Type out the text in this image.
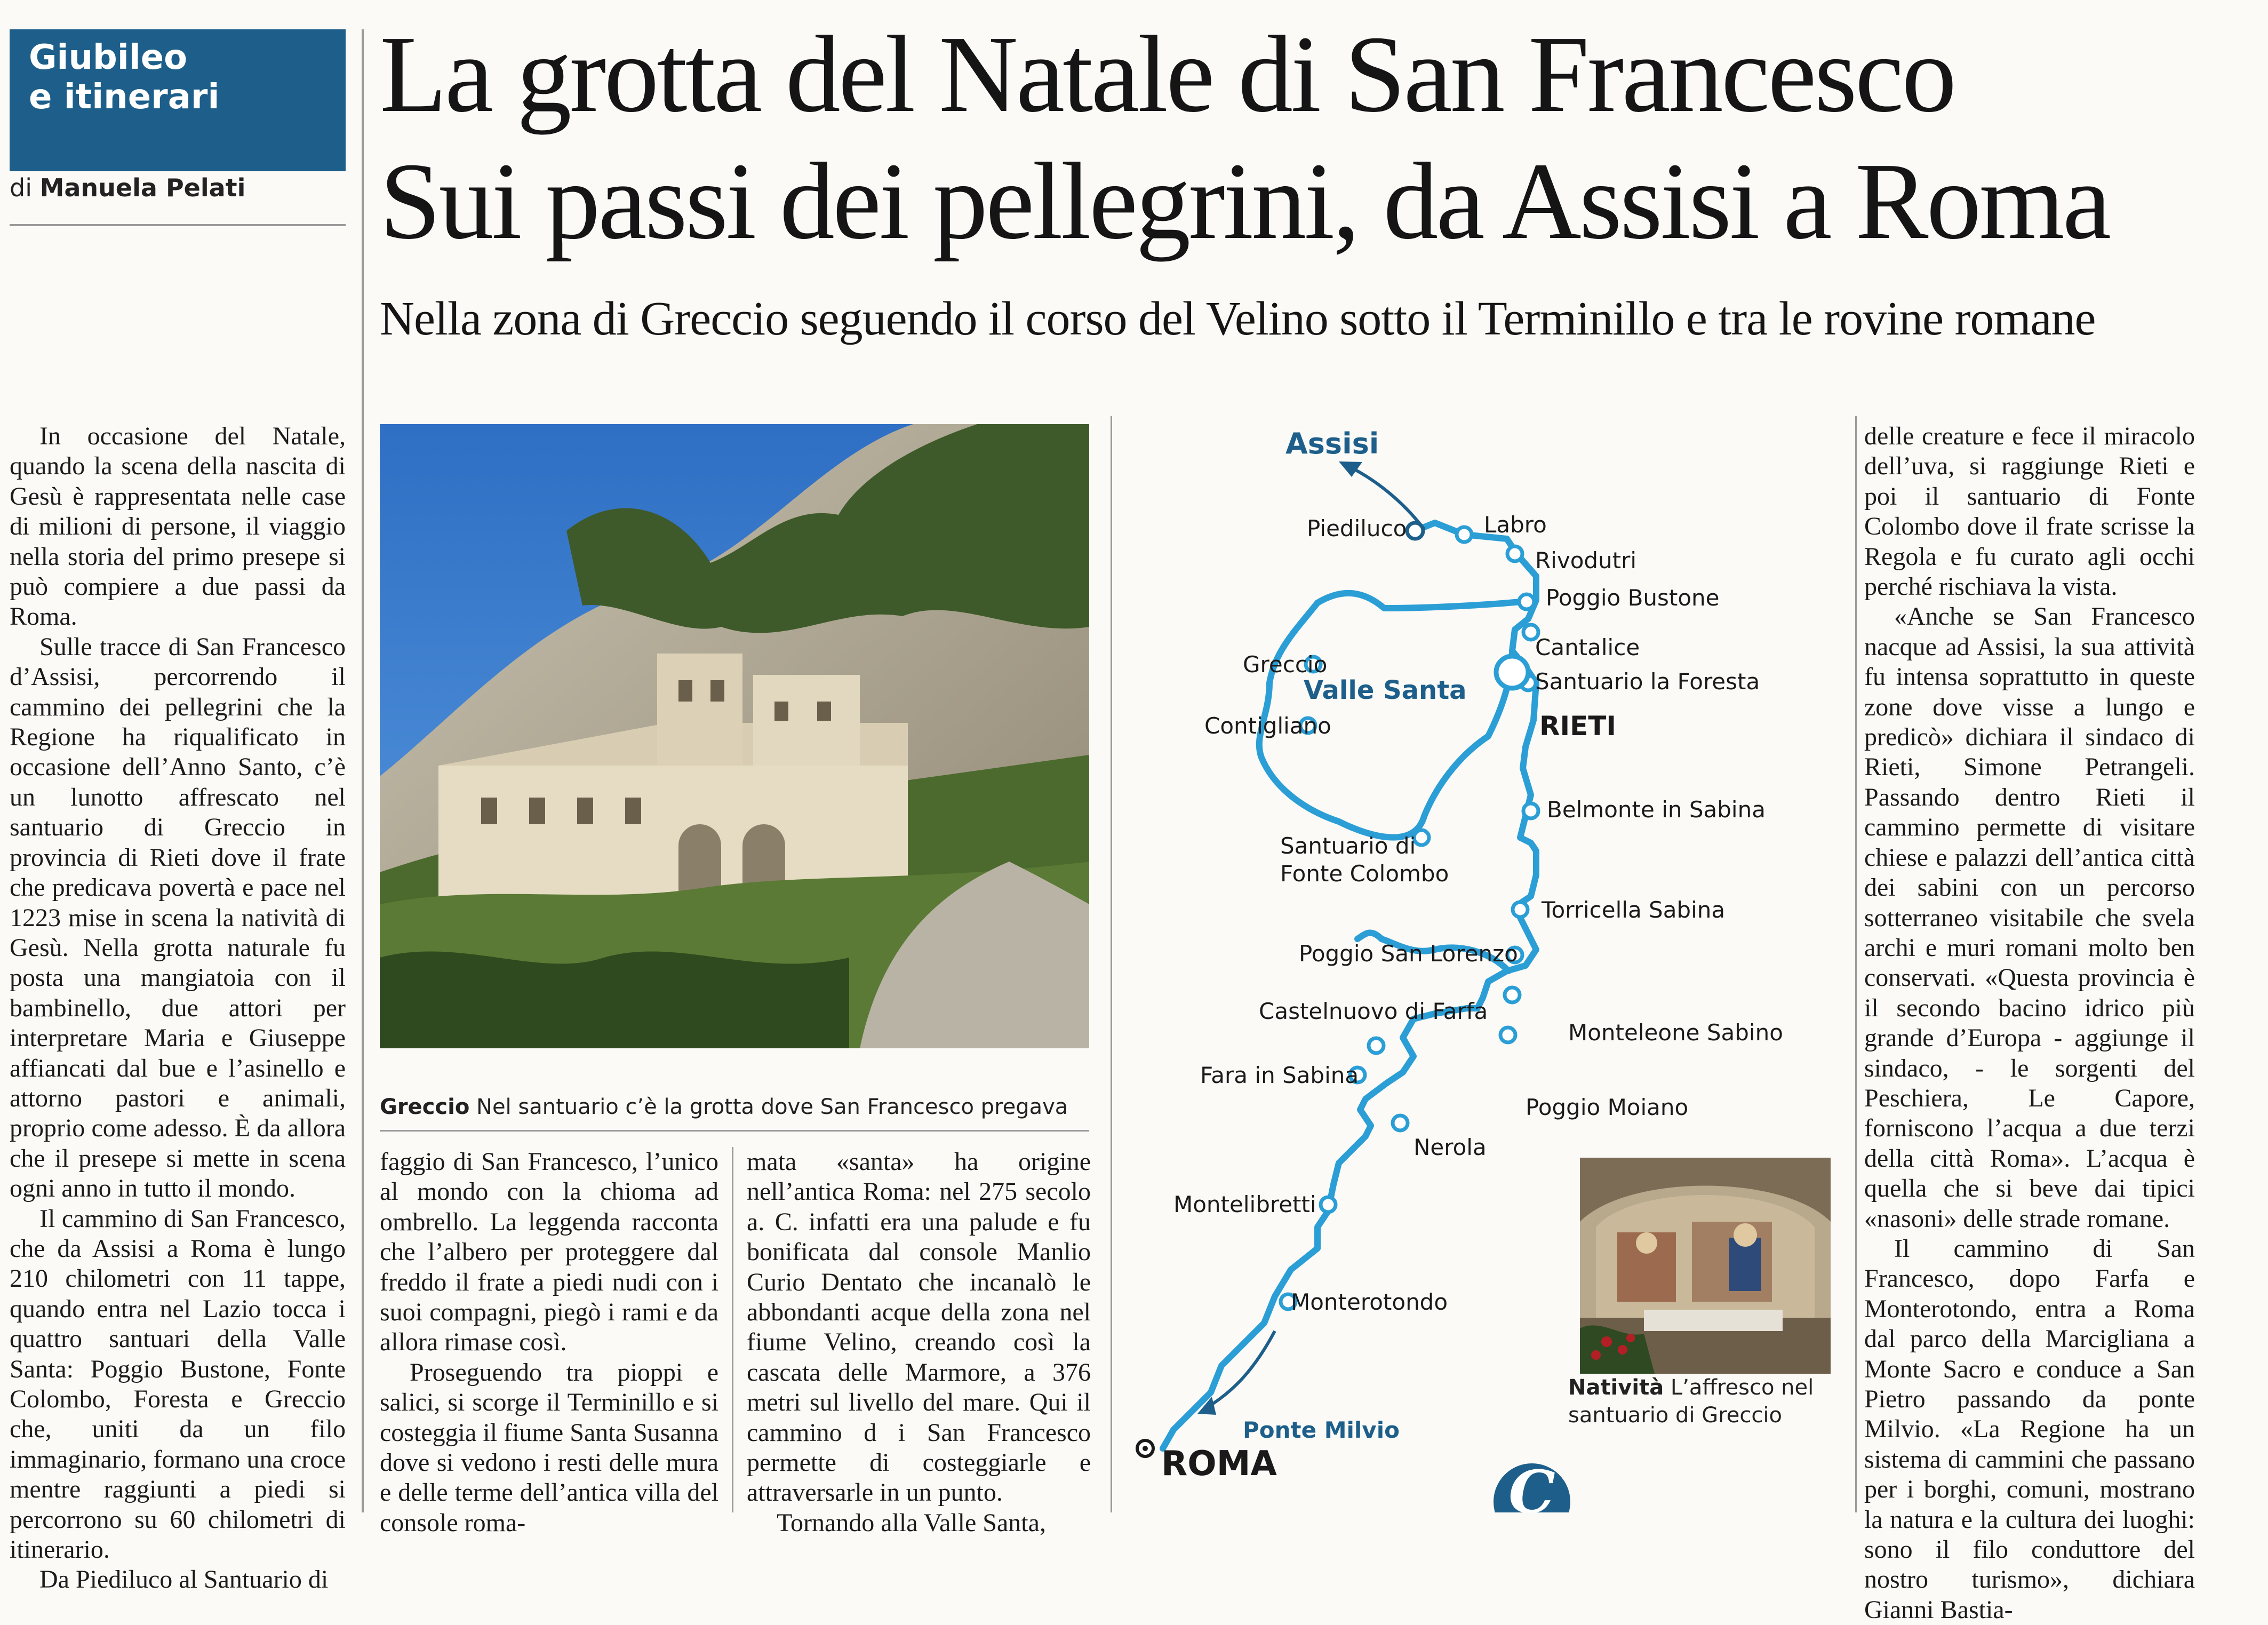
Giubileo
e itinerari
di Manuela Pelati
La grotta del Natale di San Francesco
Sui passi dei pellegrini, da Assisi a Roma
Nella zona di Greccio seguendo il corso del Velino sotto il Terminillo e tra le rovine romane

In occasione del Natale, quando la scena della nascita di Gesù è rappresentata nelle case di milioni di persone, il viaggio nella storia del primo presepe si può compiere a due passi da Roma.

Sulle tracce di San Francesco d’Assisi, percorrendo il cammino dei pellegrini che la Regione ha riqualificato in occasione dell’Anno Santo, c’è un lunotto affrescato nel santuario di Greccio in provincia di Rieti dove il frate che predicava povertà e pace nel 1223 mise in scena la natività di Gesù. Nella grotta naturale fu posta una mangiatoia con il bambinello, due attori per interpretare Maria e Giuseppe affiancati dal bue e l’asinello e attorno pastori e animali, proprio come adesso. È da allora che il presepe si mette in scena ogni anno in tutto il mondo.

Il cammino di San Francesco, che da Assisi a Roma è lungo 210 chilometri con 11 tappe, quando entra nel Lazio tocca i quattro santuari della Valle Santa: Poggio Bustone, Fonte Colombo, Foresta e Greccio che, uniti da un filo immaginario, formano una croce mentre raggiunti a piedi si percorrono su 60 chilometri di itinerario.

Da Piediluco al Santuario di

Greccio Nel santuario c’è la grotta dove San Francesco pregava

faggio di San Francesco, l’unico al mondo con la chioma ad ombrello. La leggenda racconta che l’albero per proteggere dal freddo il frate a piedi nudi con i suoi compagni, piegò i rami e da allora rimase così.

Proseguendo tra pioppi e salici, si scorge il Terminillo e si costeggia il fiume Santa Susanna dove si vedono i resti delle mura e delle terme dell’antica villa del console roma-

mata «santa» ha origine nell’antica Roma: nel 275 secolo a. C. infatti era una palude e fu bonificata dal console Manlio Curio Dentato che incanalò le abbondanti acque della zona nel fiume Velino, creando così la cascata delle Marmore, a 376 metri sul livello del mare. Qui il cammino d i San Francesco permette di costeggiarle e attraversarle in un punto.

Tornando alla Valle Santa,

Assisi
Valle Santa
RIETI
ROMA
Ponte Milvio
Piediluco	Labro
Rivodutri
Poggio Bustone
Cantalice
Santuario la Foresta
Greccio
Contigliano
Santuario di
Fonte Colombo
Belmonte in Sabina
Torricella Sabina
Poggio San Lorenzo
Castelnuovo di Farfa
Monteleone Sabino
Fara in Sabina
Poggio Moiano
Nerola
Montelibretti
Monterotondo
Natività L’affresco nel santuario di Greccio
C

delle creature e fece il miracolo dell’uva, si raggiunge Rieti e poi il santuario di Fonte Colombo dove il frate scrisse la Regola e fu curato agli occhi perché rischiava la vista.

«Anche se San Francesco nacque ad Assisi, la sua attività fu intensa soprattutto in queste zone dove visse a lungo e predicò» dichiara il sindaco di Rieti, Simone Petrangeli. Passando dentro Rieti il cammino permette di visitare chiese e palazzi dell’antica città dei sabini con un percorso sotterraneo visitabile che svela archi e muri romani molto ben conservati. «Questa provincia è il secondo bacino idrico più grande d’Europa - aggiunge il sindaco, - le sorgenti del Peschiera, Le Capore, forniscono l’acqua a due terzi della città Roma». L’acqua è quella che si beve dai tipici «nasoni» delle strade romane.

Il cammino di San Francesco, dopo Farfa e Monterotondo, entra a Roma dal parco della Marcigliana a Monte Sacro e conduce a San Pietro passando da ponte Milvio. «La Regione ha un sistema di cammini che passano per i borghi, comuni, mostrano la natura e la cultura dei luoghi: sono il filo conduttore del nostro turismo», dichiara Gianni Bastia-
